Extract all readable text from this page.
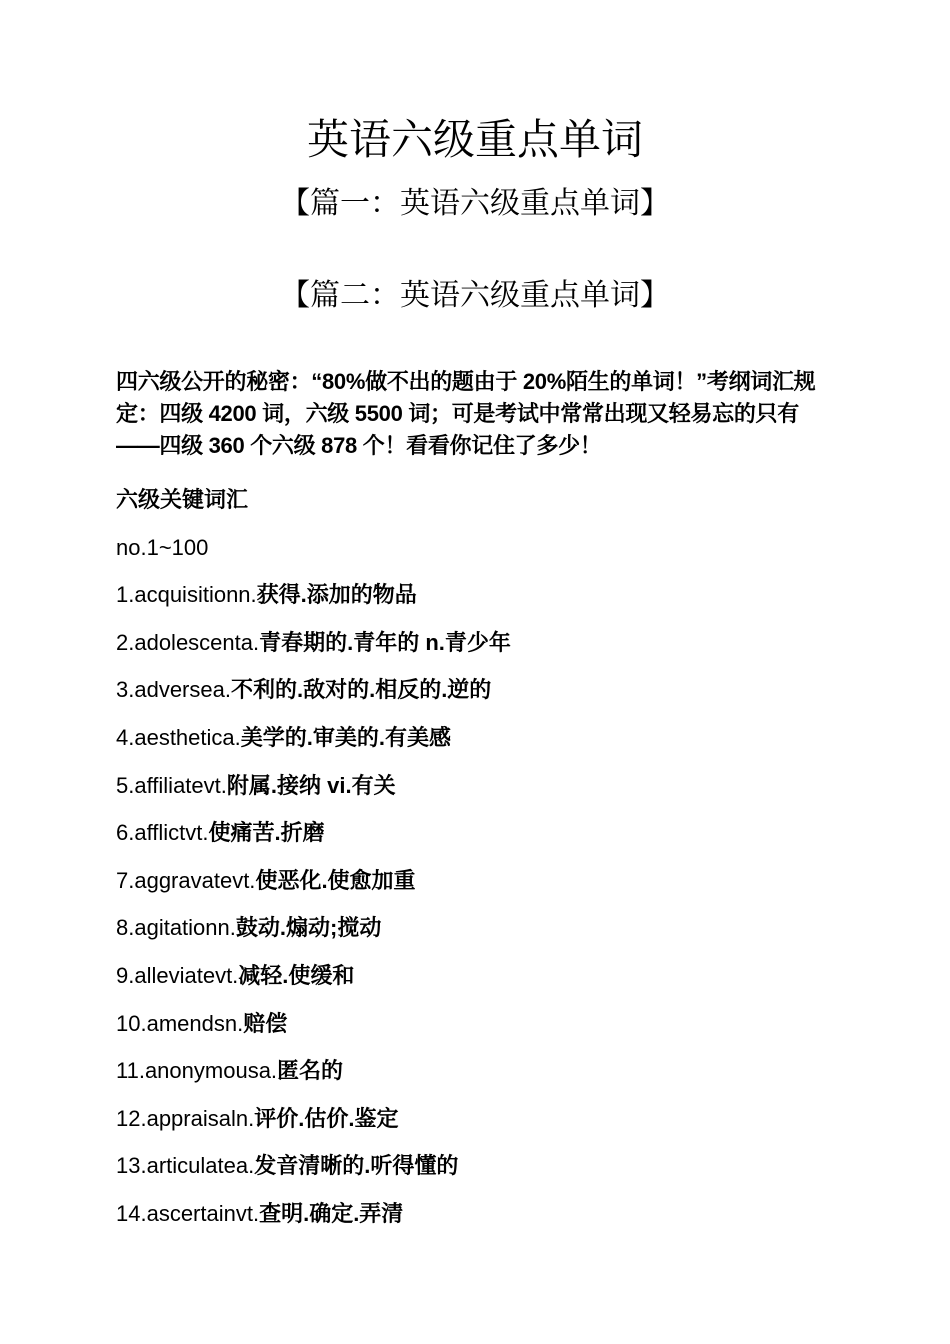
英语六级重点单词
【篇一：英语六级重点单词】
【篇二：英语六级重点单词】

四六级公开的秘密：“80%做不出的题由于 20%陌生的单词！”考纲词汇规定：四级 4200 词，六级 5500 词；可是考试中常常出现又轻易忘的只有——四级 360 个六级 878 个！看看你记住了多少！

六级关键词汇

no.1~100

1.acquisitionn.获得.添加的物品

2.adolescenta.青春期的.青年的 n.青少年

3.adversea.不利的.敌对的.相反的.逆的

4.aesthetica.美学的.审美的.有美感

5.affiliatevt.附属.接纳 vi.有关

6.afflictvt.使痛苦.折磨

7.aggravatevt.使恶化.使愈加重

8.agitationn.鼓动.煽动;搅动

9.alleviatevt.减轻.使缓和

10.amendsn.赔偿

11.anonymousa.匿名的

12.appraisaln.评价.估价.鉴定

13.articulatea.发音清晰的.听得懂的

14.ascertainvt.查明.确定.弄清
